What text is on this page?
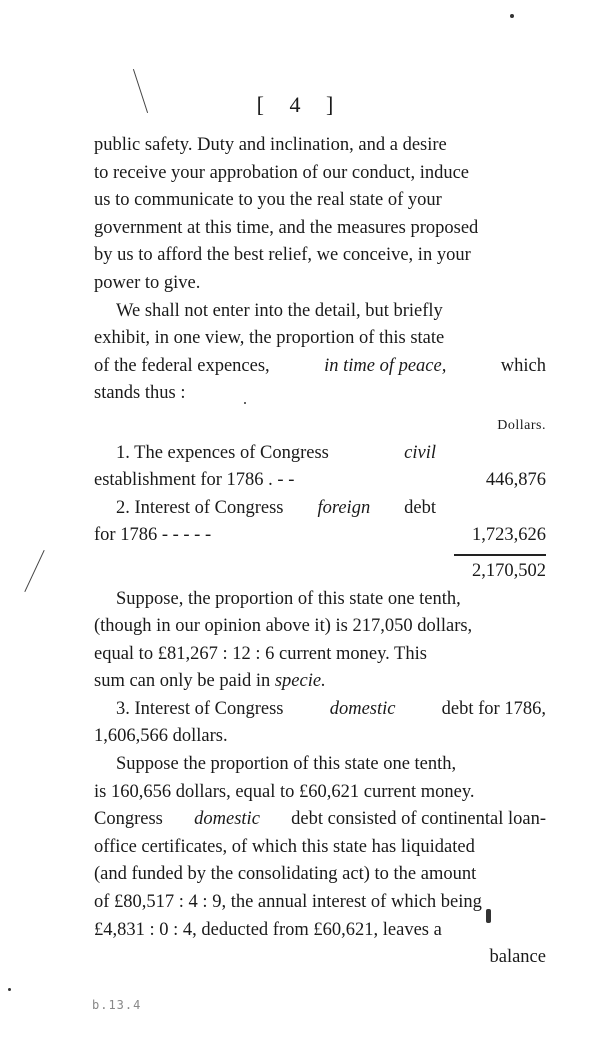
[ 4 ]
public safety. Duty and inclination, and a desire
to receive your approbation of our conduct, induce
us to communicate to you the real state of your
government at this time, and the measures proposed
by us to afford the best relief, we conceive, in your
power to give.
We shall not enter into the detail, but briefly
exhibit, in one view, the proportion of this state
of the federal expences,	in time of peace,	which
stands thus :
Dollars.
1. The expences of Congress	civil
establishment for 1786 . - -	446,876
2. Interest of Congress foreign debt
for 1786 - - - - -	1,723,626
2,170,502
Suppose, the proportion of this state one tenth,
(though in our opinion above it) is 217,050 dollars,
equal to £81,267 : 12 : 6 current money. This
sum can only be paid in
specie.
3. Interest of Congress domestic debt for 1786,
1,606,566 dollars.
Suppose the proportion of this state one tenth,
is 160,656 dollars, equal to £60,621 current money.
Congress domestic debt consisted of continental loan-
office certificates, of which this state has liquidated
(and funded by the consolidating act) to the amount
of £80,517 : 4 : 9, the annual interest of which being
£4,831 : 0 : 4, deducted from £60,621, leaves a
balance
b.13.4
